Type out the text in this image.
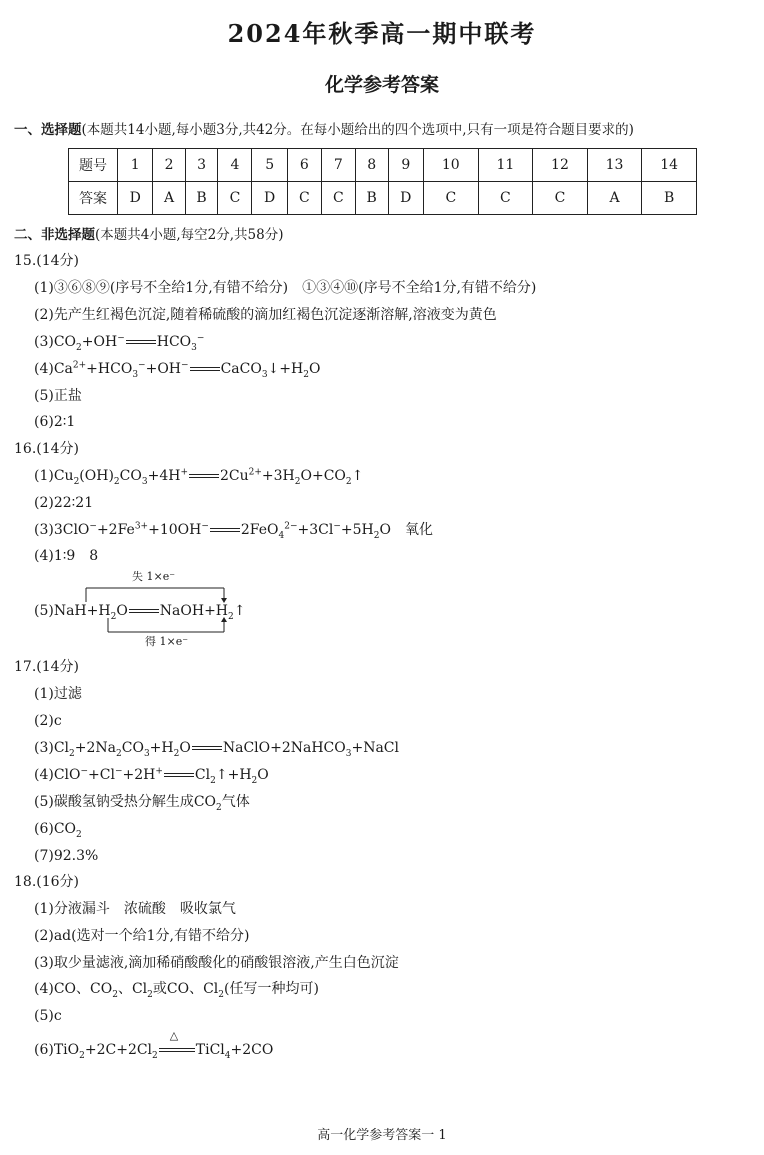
2024年秋季高一期中联考
化学参考答案
一、选择题(本题共14小题,每小题3分,共42分。在每小题给出的四个选项中,只有一项是符合题目要求的)
题号	1	2	3	4	5	6	7	8	9	10	11	12	13	14
答案	D	A	B	C	D	C	C	B	D	C	C	C	A	B
二、非选择题(本题共4小题,每空2分,共58分)
15.(14分)
(1)③⑥⑧⑨(序号不全给1分,有错不给分)　①③④⑩(序号不全给1分,有错不给分)
(2)先产生红褐色沉淀,随着稀硫酸的滴加红褐色沉淀逐渐溶解,溶液变为黄色
$(3)CO_2+OH^-$ $HCO_3^-$
$(4)Ca^{2+}+HCO_3^-+OH^-$ $CaCO_3↓+H_2O$
(5)正盐
(6)2∶1
16.(14分)
$(1)Cu_2(OH)_2CO_3+4H^+$ $2Cu^{2+}+3H_2O+CO_2↑$
(2)22∶21
$(3)3ClO^-+2Fe^{3+}+10OH^-$ $2FeO_4^{2-}+3Cl^-+5H_2O$　氧化
(4)1∶9　8
失 1×e⁻
得 1×e⁻
$(5)NaH+H_2O$ $NaOH+H_2↑$
17.(14分)
(1)过滤
(2)c
$(3)Cl_2+2Na_2CO_3+H_2O$ NaClO+2NaHCO$_3$+NaCl
(4)ClO−+Cl−+2H+ $Cl_2↑+H_2O$
(5)碳酸氢钠受热分解生成$CO_2$气体
$(6)CO_2$
(7)92.3%
18.(16分)
(1)分液漏斗　浓硫酸　吸收氯气
(2)ad(选对一个给1分,有错不给分)
(3)取少量滤液,滴加稀硝酸酸化的硝酸银溶液,产生白色沉淀
(4)CO、$CO_2$、$Cl_2$或CO、$Cl_2$(任写一种均可)
(5)c
$(6)TiO_2+2C+2Cl_2$
△
TiCl$_4$+2CO
高一化学参考答案一 1
